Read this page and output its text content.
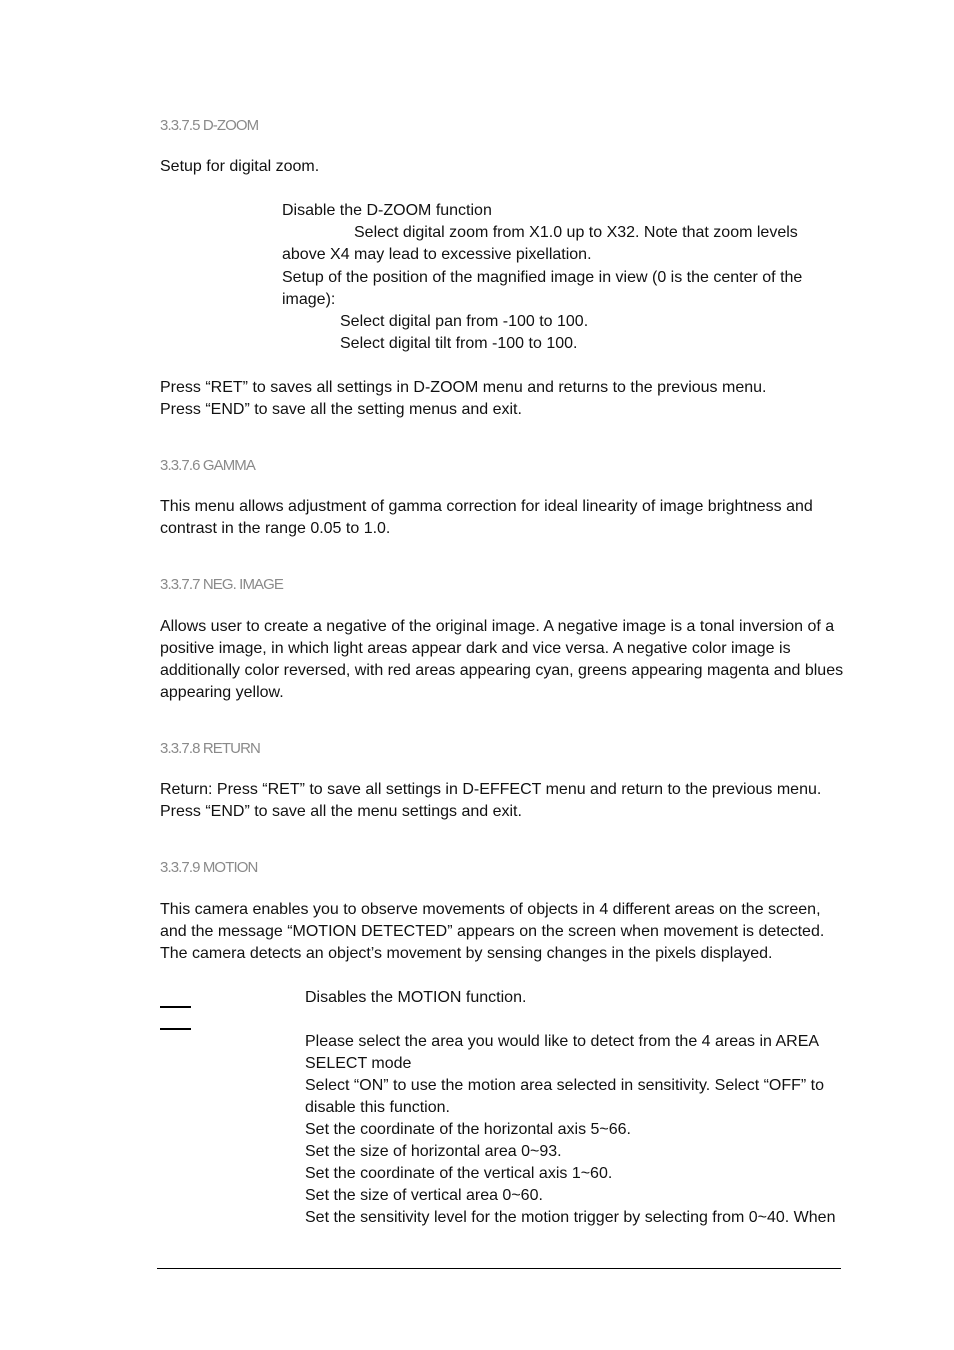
3.3.7.5 D-ZOOM
Setup for digital zoom.
Disable the D-ZOOM function
Select digital zoom from X1.0 up to X32. Note that zoom levels
above X4 may lead to excessive pixellation.
Setup of the position of the magnified image in view (0 is the center of the
image):
Select digital pan from -100 to 100.
Select digital tilt from -100 to 100.
Press “RET” to saves all settings in D-ZOOM menu and returns to the previous menu.
Press “END” to save all the setting menus and exit.
3.3.7.6 GAMMA
This menu allows adjustment of gamma correction for ideal linearity of image brightness and
contrast in the range 0.05 to 1.0.
3.3.7.7 NEG. IMAGE
Allows user to create a negative of the original image. A negative image is a tonal inversion of a
positive image, in which light areas appear dark and vice versa. A negative color image is
additionally color reversed, with red areas appearing cyan, greens appearing magenta and blues
appearing yellow.
3.3.7.8 RETURN
Return: Press “RET” to save all settings in D-EFFECT menu and return to the previous menu.
Press “END” to save all the menu settings and exit.
3.3.7.9 MOTION
This camera enables you to observe movements of objects in 4 different areas on the screen,
and the message “MOTION DETECTED” appears on the screen when movement is detected.
The camera detects an object’s movement by sensing changes in the pixels displayed.
Disables the MOTION function.
Please select the area you would like to detect from the 4 areas in AREA
SELECT mode
Select “ON” to use the motion area selected in sensitivity. Select “OFF” to
disable this function.
Set the coordinate of the horizontal axis 5~66.
Set the size of horizontal area 0~93.
Set the coordinate of the vertical axis 1~60.
Set the size of vertical area 0~60.
Set the sensitivity level for the motion trigger by selecting from 0~40. When
